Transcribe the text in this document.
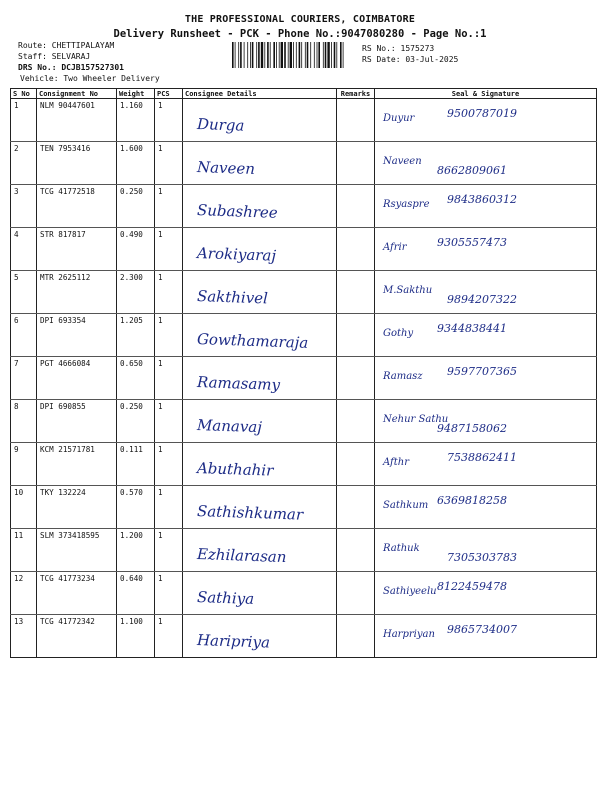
THE PROFESSIONAL COURIERS, COIMBATORE
Delivery Runsheet - PCK - Phone No.:9047080280 - Page No.:1
Route: CHETTIPALAYAM
Staff: SELVARAJ
DRS No.: DCJB157527301
Vehicle: Two Wheeler Delivery
RS No.: 1575273
RS Date: 03-Jul-2025
S No	Consignment No	Weight	PCS	Consignee Details	Remarks	Seal & Signature
1	NLM 90447601	1.160	1	Durga		Duyur 9500787019

2	TEN 7953416	1.600	1	Naveen		Naveen
8662809061

3	TCG 41772518	0.250	1	Subashree		Rsyaspre 9843860312

4	STR 817817	0.490	1	Arokiyaraj		Afrir 9305557473

5	MTR 2625112	2.300	1	Sakthivel		M.Sakthu
9894207322

6	DPI 693354	1.205	1	Gowthamaraja		Gothy 9344838441

7	PGT 4666084	0.650	1	Ramasamy		Ramasz 9597707365

8	DPI 690855	0.250	1	Manavaj		Nehur Sathu
9487158062

9	KCM 21571781	0.111	1	Abuthahir		Afthr 7538862411

10	TKY 132224	0.570	1	Sathishkumar		Sathkum 6369818258

11	SLM 373418595	1.200	1	Ezhilarasan		Rathuk
7305303783

12	TCG 41773234	0.640	1	Sathiya		Sathiyeelu 8122459478

13	TCG 41772342	1.100	1	Haripriya		Harpriyan 9865734007
